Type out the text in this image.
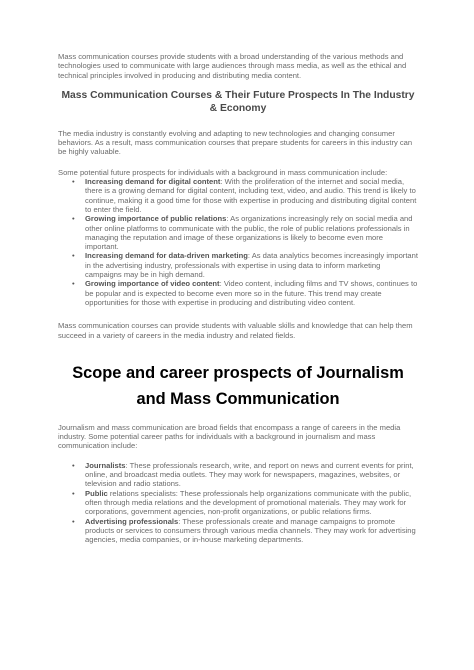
Mass communication courses provide students with a broad understanding of the various methods and technologies used to communicate with large audiences through mass media, as well as the ethical and technical principles involved in producing and distributing media content.

Mass Communication Courses & Their Future Prospects In The Industry & Economy

The media industry is constantly evolving and adapting to new technologies and changing consumer behaviors. As a result, mass communication courses that prepare students for careers in this industry can be highly valuable.

Some potential future prospects for individuals with a background in mass communication include:

• Increasing demand for digital content: With the proliferation of the internet and social media, there is a growing demand for digital content, including text, video, and audio. This trend is likely to continue, making it a good time for those with expertise in producing and distributing digital content to enter the field.
• Growing importance of public relations: As organizations increasingly rely on social media and other online platforms to communicate with the public, the role of public relations professionals in managing the reputation and image of these organizations is likely to become even more important.
• Increasing demand for data-driven marketing: As data analytics becomes increasingly important in the advertising industry, professionals with expertise in using data to inform marketing campaigns may be in high demand.
• Growing importance of video content: Video content, including films and TV shows, continues to be popular and is expected to become even more so in the future. This trend may create opportunities for those with expertise in producing and distributing video content.

Mass communication courses can provide students with valuable skills and knowledge that can help them succeed in a variety of careers in the media industry and related fields.

Scope and career prospects of Journalism and Mass Communication

Journalism and mass communication are broad fields that encompass a range of careers in the media industry. Some potential career paths for individuals with a background in journalism and mass communication include:

• Journalists: These professionals research, write, and report on news and current events for print, online, and broadcast media outlets. They may work for newspapers, magazines, websites, or television and radio stations.
• Public relations specialists: These professionals help organizations communicate with the public, often through media relations and the development of promotional materials. They may work for corporations, government agencies, non-profit organizations, or public relations firms.
• Advertising professionals: These professionals create and manage campaigns to promote products or services to consumers through various media channels. They may work for advertising agencies, media companies, or in-house marketing departments.
